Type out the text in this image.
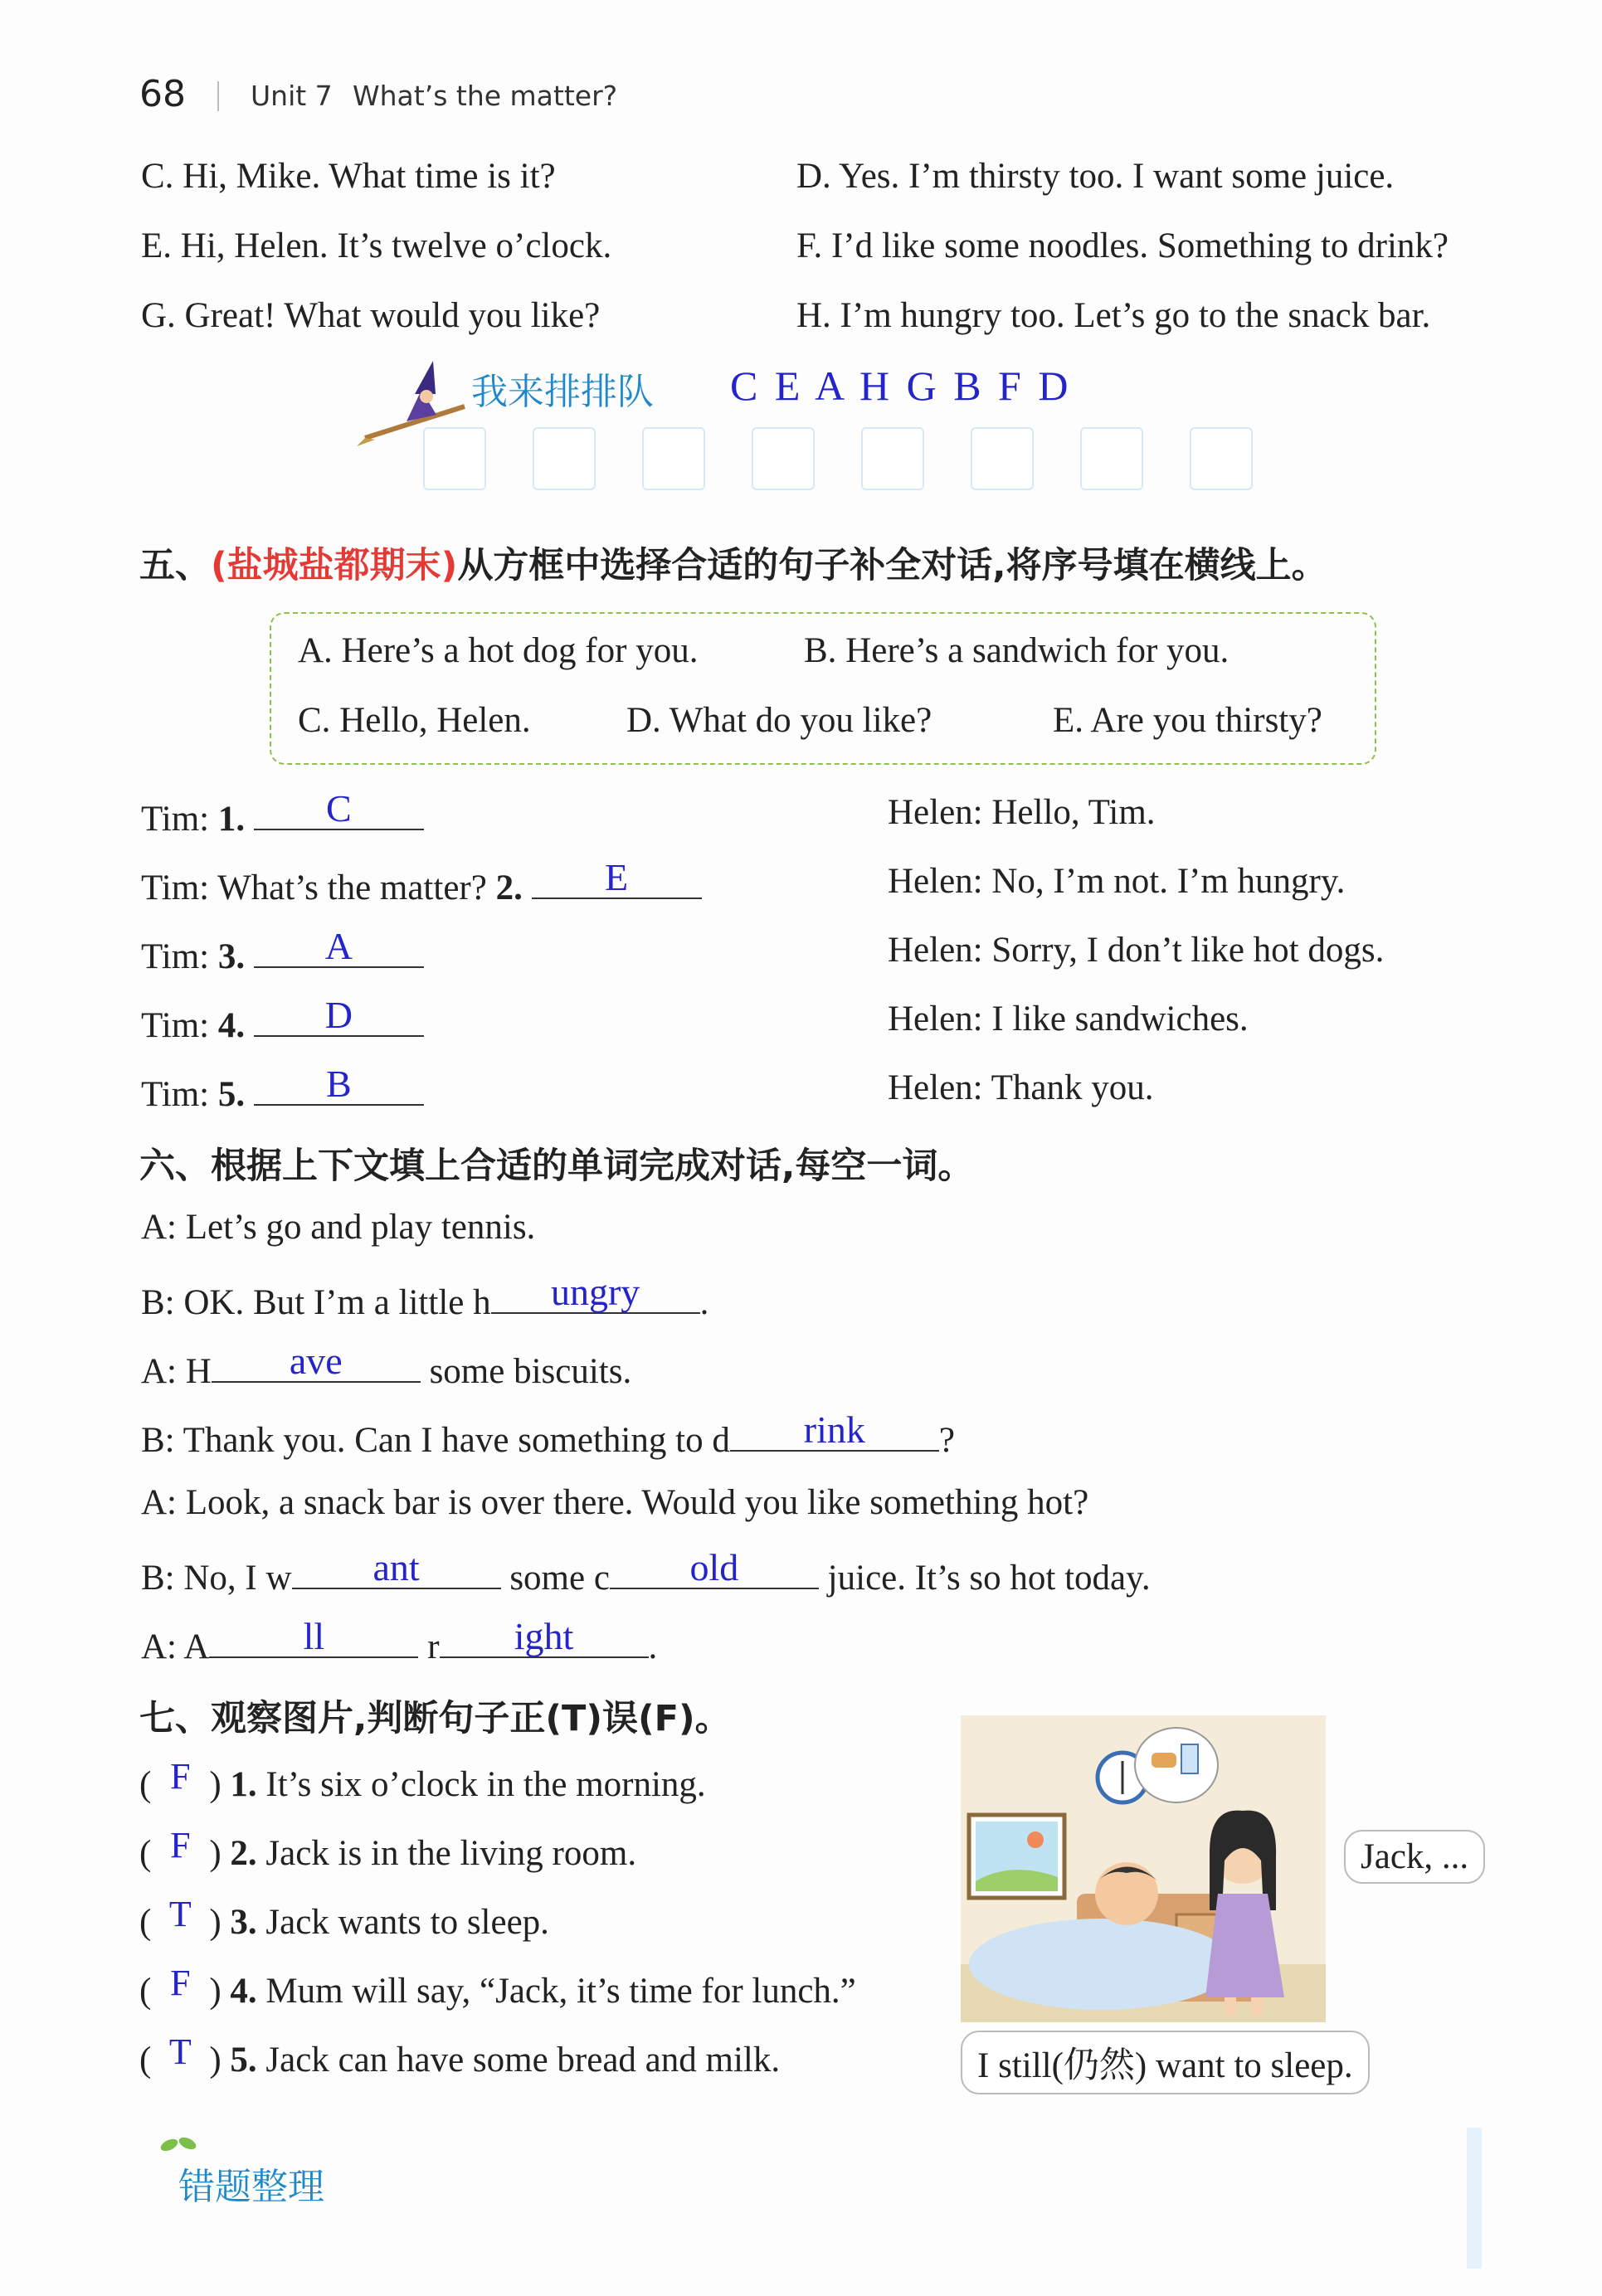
68 Unit 7 What’s the matter?
C. Hi, Mike. What time is it?	D. Yes. I’m thirsty too. I want some juice.
E. Hi, Helen. It’s twelve o’clock.	F. I’d like some noodles. Something to drink?
G. Great! What would you like?	H. I’m hungry too. Let’s go to the snack bar.
我来排排队 C E A H G B F D
五、(盐城盐都期末)从方框中选择合适的句子补全对话,将序号填在横线上。
A. Here’s a hot dog for you.	B. Here’s a sandwich for you.
C. Hello, Helen.	D. What do you like?	E. Are you thirsty?
Tim: 1.	C	Helen: Hello, Tim.
Tim: What’s the matter? 2.	E	Helen: No, I’m not. I’m hungry.
Tim: 3.	A	Helen: Sorry, I don’t like hot dogs.
Tim: 4.	D	Helen: I like sandwiches.
Tim: 5.	B	Helen: Thank you.
六、根据上下文填上合适的单词完成对话,每空一词。
A: Let’s go and play tennis.
B: OK. But I’m a little h	ungry	.
A: H	ave	some biscuits.
B: Thank you. Can I have something to d	rink	?
A: Look, a snack bar is over there. Would you like something hot?
B: No, I w	ant	some c	old	juice. It’s so hot today.
A: A	ll	r	ight	.
七、观察图片,判断句子正(T)误(F)。
( F ) 1. It’s six o’clock in the morning.
( F ) 2. Jack is in the living room.
( T ) 3. Jack wants to sleep.
( F ) 4. Mum will say, “Jack, it’s time for lunch.”
( T ) 5. Jack can have some bread and milk.
Jack, ...
I still(仍然) want to sleep.
错题整理
